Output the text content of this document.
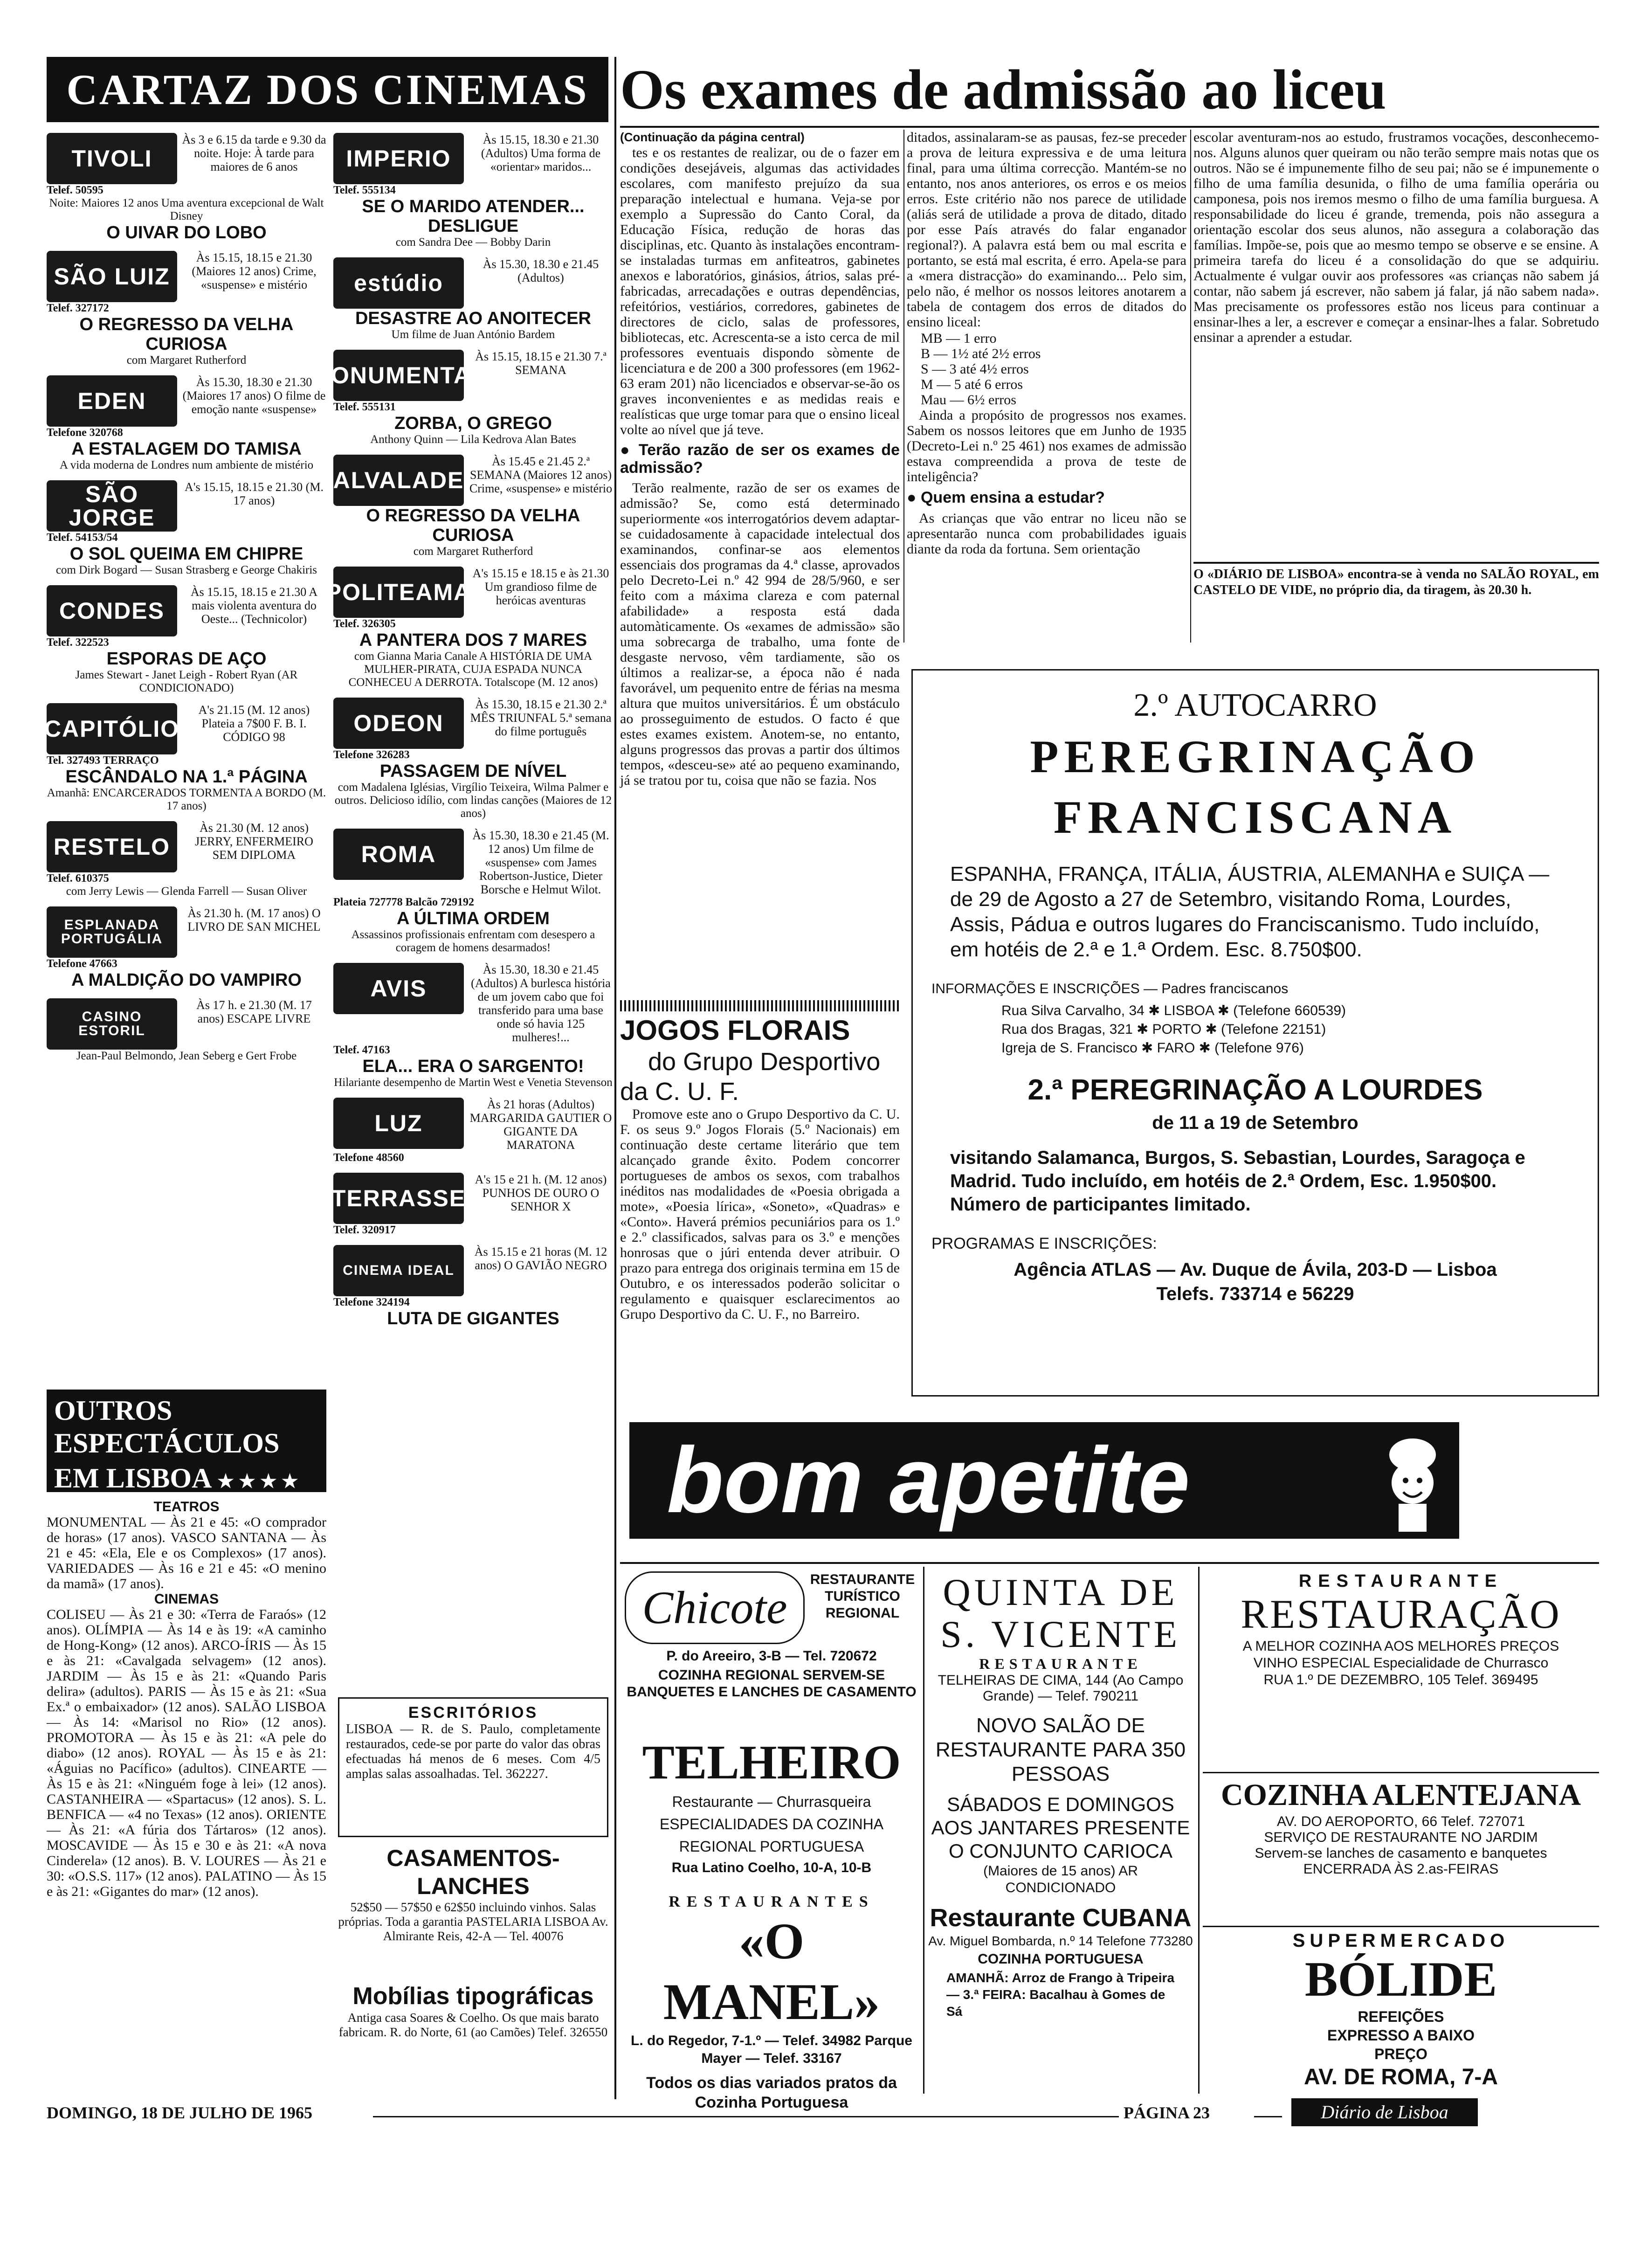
CARTAZ DOS CINEMAS
TIVOLI
Às 3 e 6.15 da tarde e 9.30 da noite. Hoje: À tarde para maiores de 6 anos
Telef. 50595
Noite: Maiores 12 anos Uma aventura excepcional de Walt Disney
O UIVAR DO LOBO
SÃO LUIZ
Às 15.15, 18.15 e 21.30 (Maiores 12 anos) Crime, «suspense» e mistério
Telef. 327172
O REGRESSO DA VELHA CURIOSA
com Margaret Rutherford
EDEN
Às 15.30, 18.30 e 21.30 (Maiores 17 anos) O filme de emoção nante «suspense»
Telefone 320768
A ESTALAGEM DO TAMISA
A vida moderna de Londres num ambiente de mistério
SÃO JORGE
A's 15.15, 18.15 e 21.30 (M. 17 anos)
Telef. 54153/54
O SOL QUEIMA EM CHIPRE
com Dirk Bogard — Susan Strasberg e George Chakiris
CONDES
Às 15.15, 18.15 e 21.30 A mais violenta aventura do Oeste... (Technicolor)
Telef. 322523
ESPORAS DE AÇO
James Stewart - Janet Leigh - Robert Ryan (AR CONDICIONADO)
CAPITÓLIO
A's 21.15 (M. 12 anos) Plateia a 7$00 F. B. I. CÓDIGO 98
Tel. 327493 TERRAÇO
ESCÂNDALO NA 1.ª PÁGINA
Amanhã: ENCARCERADOS TORMENTA A BORDO (M. 17 anos)
RESTELO
Às 21.30 (M. 12 anos) JERRY, ENFERMEIRO SEM DIPLOMA
Telef. 610375
com Jerry Lewis — Glenda Farrell — Susan Oliver
ESPLANADA PORTUGÁLIA
Às 21.30 h. (M. 17 anos) O LIVRO DE SAN MICHEL
Telefone 47663
A MALDIÇÃO DO VAMPIRO
CASINO ESTORIL
Às 17 h. e 21.30 (M. 17 anos) ESCAPE LIVRE
Jean-Paul Belmondo, Jean Seberg e Gert Frobe
IMPERIO
Às 15.15, 18.30 e 21.30 (Adultos) Uma forma de «orientar» maridos...
Telef. 555134
SE O MARIDO ATENDER... DESLIGUE
com Sandra Dee — Bobby Darin
estúdio
Às 15.30, 18.30 e 21.45 (Adultos)
DESASTRE AO ANOITECER
Um filme de Juan António Bardem
MONUMENTAL
Às 15.15, 18.15 e 21.30 7.ª SEMANA
Telef. 555131
ZORBA, O GREGO
Anthony Quinn — Lila Kedrova Alan Bates
ALVALADE
Às 15.45 e 21.45 2.ª SEMANA (Maiores 12 anos) Crime, «suspense» e mistério
O REGRESSO DA VELHA CURIOSA
com Margaret Rutherford
POLITEAMA
A's 15.15 e 18.15 e às 21.30 Um grandioso filme de heróicas aventuras
Telef. 326305
A PANTERA DOS 7 MARES
com Gianna Maria Canale A HISTÓRIA DE UMA MULHER-PIRATA, CUJA ESPADA NUNCA CONHECEU A DERROTA. Totalscope (M. 12 anos)
ODEON
Às 15.30, 18.15 e 21.30 2.ª MÊS TRIUNFAL 5.ª semana do filme português
Telefone 326283
PASSAGEM DE NÍVEL
com Madalena Iglésias, Virgílio Teixeira, Wilma Palmer e outros. Delicioso idílio, com lindas canções (Maiores de 12 anos)
ROMA
Às 15.30, 18.30 e 21.45 (M. 12 anos) Um filme de «suspense» com James Robertson-Justice, Dieter Borsche e Helmut Wilot.
Plateia 727778 Balcão 729192
A ÚLTIMA ORDEM
Assassinos profissionais enfrentam com desespero a coragem de homens desarmados!
AVIS
Às 15.30, 18.30 e 21.45 (Adultos) A burlesca história de um jovem cabo que foi transferido para uma base onde só havia 125 mulheres!...
Telef. 47163
ELA... ERA O SARGENTO!
Hilariante desempenho de Martin West e Venetia Stevenson
LUZ
Às 21 horas (Adultos) MARGARIDA GAUTIER O GIGANTE DA MARATONA
Telefone 48560
TERRASSE
A's 15 e 21 h. (M. 12 anos) PUNHOS DE OURO O SENHOR X
Telef. 320917
CINEMA IDEAL
Às 15.15 e 21 horas (M. 12 anos) O GAVIÃO NEGRO
Telefone 324194
LUTA DE GIGANTES
OUTROS ESPECTÁCULOS
EM LISBOA ★ ★ ★ ★
TEATROS
MONUMENTAL — Às 21 e 45: «O comprador de horas» (17 anos). VASCO SANTANA — Às 21 e 45: «Ela, Ele e os Complexos» (17 anos). VARIEDADES — Às 16 e 21 e 45: «O menino da mamã» (17 anos).
CINEMAS
COLISEU — Às 21 e 30: «Terra de Faraós» (12 anos). OLÍMPIA — Às 14 e às 19: «A caminho de Hong-Kong» (12 anos). ARCO-ÍRIS — Às 15 e às 21: «Cavalgada selvagem» (12 anos). JARDIM — Às 15 e às 21: «Quando Paris delira» (adultos). PARIS — Às 15 e às 21: «Sua Ex.ª o embaixador» (12 anos). SALÃO LISBOA — Às 14: «Marisol no Rio» (12 anos). PROMOTORA — Às 15 e às 21: «A pele do diabo» (12 anos). ROYAL — Às 15 e às 21: «Águias no Pacífico» (adultos). CINEARTE — Às 15 e às 21: «Ninguém foge à lei» (12 anos). CASTANHEIRA — «Spartacus» (12 anos). S. L. BENFICA — «4 no Texas» (12 anos). ORIENTE — Às 21: «A fúria dos Tártaros» (12 anos). MOSCAVIDE — Às 15 e 30 e às 21: «A nova Cinderela» (12 anos). B. V. LOURES — Às 21 e 30: «O.S.S. 117» (12 anos). PALATINO — Às 15 e às 21: «Gigantes do mar» (12 anos).
ESCRITÓRIOS
LISBOA — R. de S. Paulo, completamente restaurados, cede-se por parte do valor das obras efectuadas há menos de 6 meses. Com 4/5 amplas salas assoalhadas. Tel. 362227.
CASAMENTOS-LANCHES
52$50 — 57$50 e 62$50 incluindo vinhos. Salas próprias. Toda a garantia PASTELARIA LISBOA Av. Almirante Reis, 42-A — Tel. 40076
Mobílias tipográficas
Antiga casa Soares & Coelho. Os que mais barato fabricam. R. do Norte, 61 (ao Camões) Telef. 326550
Os exames de admissão ao liceu
(Continuação da página central)

tes e os restantes de realizar, ou de o fazer em condições desejáveis, algumas das actividades escolares, com manifesto prejuízo da sua preparação intelectual e humana. Veja-se por exemplo a Supressão do Canto Coral, da Educação Física, redução de horas das disciplinas, etc. Quanto às instalações encontram-se instaladas turmas em anfiteatros, gabinetes anexos e laboratórios, ginásios, átrios, salas pré-fabricadas, arrecadações e outras dependências, refeitórios, vestiários, corredores, gabinetes de directores de ciclo, salas de professores, bibliotecas, etc. Acrescenta-se a isto cerca de mil professores eventuais dispondo sòmente de licenciatura e de 200 a 300 professores (em 1962-63 eram 201) não licenciados e observar-se-ão os graves inconvenientes e as medidas reais e realísticas que urge tomar para que o ensino liceal volte ao nível que já teve.

● Terão razão de ser os exames de admissão?

Terão realmente, razão de ser os exames de admissão? Se, como está determinado superiormente «os interrogatórios devem adaptar-se cuidadosamente à capacidade intelectual dos examinandos, confinar-se aos elementos essenciais dos programas da 4.ª classe, aprovados pelo Decreto-Lei n.º 42 994 de 28/5/960, e ser feito com a máxima clareza e com paternal afabilidade» a resposta está dada automàticamente. Os «exames de admissão» são uma sobrecarga de trabalho, uma fonte de desgaste nervoso, vêm tardiamente, são os últimos a realizar-se, a época não é nada favorável, um pequenito entre de férias na mesma altura que muitos universitários. É um obstáculo ao prosseguimento de estudos. O facto é que estes exames existem. Anotem-se, no entanto, alguns progressos das provas a partir dos últimos tempos, «desceu-se» até ao pequeno examinando, já se tratou por tu, coisa que não se fazia. Nos

ditados, assinalaram-se as pausas, fez-se preceder a prova de leitura expressiva e de uma leitura final, para uma última correcção. Mantém-se no entanto, nos anos anteriores, os erros e os meios erros. Este critério não nos parece de utilidade (aliás será de utilidade a prova de ditado, ditado por esse País através do falar enganador regional?). A palavra está bem ou mal escrita e portanto, se está mal escrita, é erro. Apela-se para a «mera distracção» do examinando... Pelo sim, pelo não, é melhor os nossos leitores anotarem a tabela de contagem dos erros de ditados do ensino liceal:

MB — 1 erro
B — 1½ até 2½ erros
S — 3 até 4½ erros
M — 5 até 6 erros
Mau — 6½ erros

Ainda a propósito de progressos nos exames. Sabem os nossos leitores que em Junho de 1935 (Decreto-Lei n.º 25 461) nos exames de admissão estava compreendida a prova de teste de inteligência?

● Quem ensina a estudar?

As crianças que vão entrar no liceu não se apresentarão nunca com probabilidades iguais diante da roda da fortuna. Sem orientação

escolar aventuram-nos ao estudo, frustramos vocações, desconhecemo-nos. Alguns alunos quer queiram ou não terão sempre mais notas que os outros. Não se é impunemente filho de seu pai; não se é impunemente o filho de uma família desunida, o filho de uma família operária ou camponesa, pois nos iremos mesmo o filho de uma família burguesa. A responsabilidade do liceu é grande, tremenda, pois não assegura a orientação escolar dos seus alunos, não assegura a colaboração das famílias. Impõe-se, pois que ao mesmo tempo se observe e se ensine. A primeira tarefa do liceu é a consolidação do que se adquiriu. Actualmente é vulgar ouvir aos professores «as crianças não sabem já contar, não sabem já escrever, não sabem já falar, já não sabem nada». Mas precisamente os professores estão nos liceus para continuar a ensinar-lhes a ler, a escrever e começar a ensinar-lhes a falar. Sobretudo ensinar a aprender a estudar.

O «DIÁRIO DE LISBOA» encontra-se à venda no SALÃO ROYAL, em CASTELO DE VIDE, no próprio dia, da tiragem, às 20.30 h.
JOGOS FLORAIS
do Grupo Desportivo
da C. U. F.

Promove este ano o Grupo Desportivo da C. U. F. os seus 9.º Jogos Florais (5.º Nacionais) em continuação deste certame literário que tem alcançado grande êxito. Podem concorrer portugueses de ambos os sexos, com trabalhos inéditos nas modalidades de «Poesia obrigada a mote», «Poesia lírica», «Soneto», «Quadras» e «Conto». Haverá prémios pecuniários para os 1.º e 2.º classificados, salvas para os 3.º e menções honrosas que o júri entenda dever atribuir. O prazo para entrega dos originais termina em 15 de Outubro, e os interessados poderão solicitar o regulamento e quaisquer esclarecimentos ao Grupo Desportivo da C. U. F., no Barreiro.

2.º AUTOCARRO
PEREGRINAÇÃO
FRANCISCANA
ESPANHA, FRANÇA, ITÁLIA, ÁUSTRIA, ALEMANHA e SUIÇA — de 29 de Agosto a 27 de Setembro, visitando Roma, Lourdes, Assis, Pádua e outros lugares do Franciscanismo. Tudo incluído, em hotéis de 2.ª e 1.ª Ordem. Esc. 8.750$00.
INFORMAÇÕES E INSCRIÇÕES — Padres franciscanos
Rua Silva Carvalho, 34 ✱ LISBOA ✱ (Telefone 660539)
Rua dos Bragas, 321 ✱ PORTO ✱ (Telefone 22151)
Igreja de S. Francisco ✱ FARO ✱ (Telefone 976)
2.ª PEREGRINAÇÃO A LOURDES
de 11 a 19 de Setembro
visitando Salamanca, Burgos, S. Sebastian, Lourdes, Saragoça e Madrid. Tudo incluído, em hotéis de 2.ª Ordem, Esc. 1.950$00. Número de participantes limitado.
PROGRAMAS E INSCRIÇÕES:
Agência ATLAS — Av. Duque de Ávila, 203-D — Lisboa
Telefs. 733714 e 56229
bom apetite
Chicote
RESTAURANTE TURÍSTICO REGIONAL
P. do Areeiro, 3-B — Tel. 720672
COZINHA REGIONAL SERVEM-SE BANQUETES E LANCHES DE CASAMENTO
TELHEIRO
Restaurante — Churrasqueira ESPECIALIDADES DA COZINHA REGIONAL PORTUGUESA
Rua Latino Coelho, 10-A, 10-B
RESTAURANTES
«O MANEL»
L. do Regedor, 7-1.º — Telef. 34982 Parque Mayer — Telef. 33167
Todos os dias variados pratos da Cozinha Portuguesa
QUINTA DE
S. VICENTE
RESTAURANTE
TELHEIRAS DE CIMA, 144 (Ao Campo Grande) — Telef. 790211
NOVO SALÃO DE RESTAURANTE PARA 350 PESSOAS
SÁBADOS E DOMINGOS AOS JANTARES PRESENTE O CONJUNTO CARIOCA
(Maiores de 15 anos) AR CONDICIONADO
Restaurante CUBANA
Av. Miguel Bombarda, n.º 14 Telefone 773280
COZINHA PORTUGUESA
AMANHÃ: Arroz de Frango à Tripeira — 3.ª FEIRA: Bacalhau à Gomes de Sá
RESTAURANTE
RESTAURAÇÃO
A MELHOR COZINHA AOS MELHORES PREÇOS VINHO ESPECIAL Especialidade de Churrasco RUA 1.º DE DEZEMBRO, 105 Telef. 369495
COZINHA ALENTEJANA
AV. DO AEROPORTO, 66 Telef. 727071 SERVIÇO DE RESTAURANTE NO JARDIM Servem-se lanches de casamento e banquetes ENCERRADA ÀS 2.as-FEIRAS
SUPERMERCADO
BÓLIDE
REFEIÇÕES EXPRESSO A BAIXO PREÇO
AV. DE ROMA, 7-A
DOMINGO, 18 DE JULHO DE 1965	PÁGINA 23	Diário de Lisboa
